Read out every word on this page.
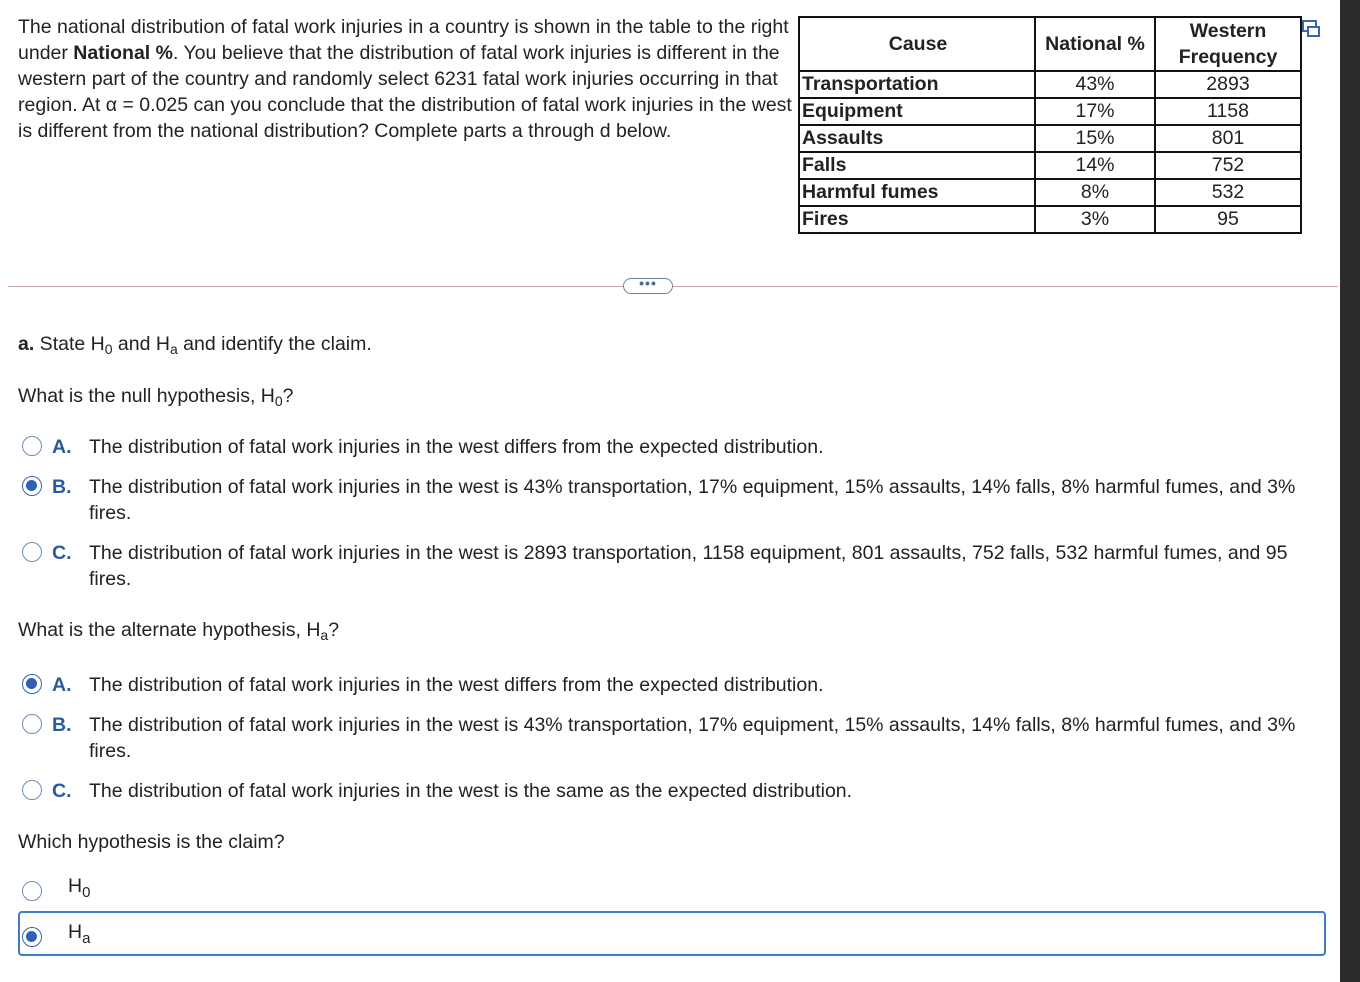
The national distribution of fatal work injuries in a country is shown in the table to the right under National %. You believe that the distribution of fatal work injuries is different in the western part of the country and randomly select 6231 fatal work injuries occurring in that region. At α = 0.025 can you conclude that the distribution of fatal work injuries in the west is different from the national distribution? Complete parts a through d below.
Cause	National %	Western Frequency
Transportation	43%	2893
Equipment	17%	1158
Assaults	15%	801
Falls	14%	752
Harmful fumes	8%	532
Fires	3%	95
•••
a. State $H_0$ and $H_a$ and identify the claim.
What is the null hypothesis, $H_0$?
A. The distribution of fatal work injuries in the west differs from the expected distribution.
B. The distribution of fatal work injuries in the west is 43% transportation, 17% equipment, 15% assaults, 14% falls, 8% harmful fumes, and 3% fires.
C. The distribution of fatal work injuries in the west is 2893 transportation, 1158 equipment, 801 assaults, 752 falls, 532 harmful fumes, and 95 fires.
What is the alternate hypothesis, $H_a$?
A. The distribution of fatal work injuries in the west differs from the expected distribution.
B. The distribution of fatal work injuries in the west is 43% transportation, 17% equipment, 15% assaults, 14% falls, 8% harmful fumes, and 3% fires.
C. The distribution of fatal work injuries in the west is the same as the expected distribution.
Which hypothesis is the claim?
$H_0$
$H_a$
